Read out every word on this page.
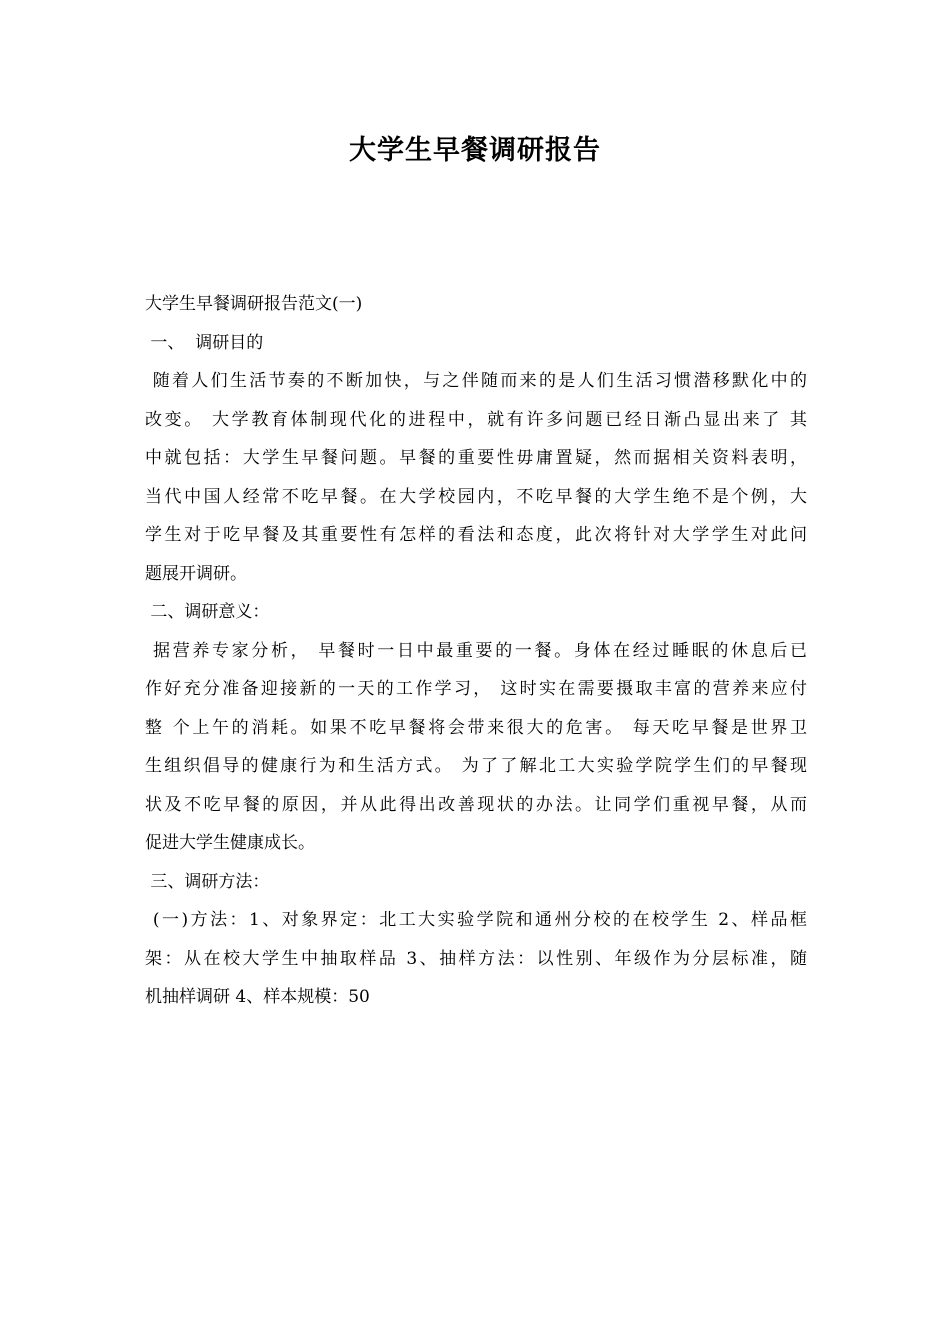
大学生早餐调研报告
大学生早餐调研报告范文(一)
一、  调研目的
随着人们生活节奏的不断加快，与之伴随而来的是人们生活习惯潜移默化中的
改变。 大学教育体制现代化的进程中，就有许多问题已经日渐凸显出来了 其
中就包括：大学生早餐问题。早餐的重要性毋庸置疑，然而据相关资料表明，
当代中国人经常不吃早餐。在大学校园内，不吃早餐的大学生绝不是个例，大
学生对于吃早餐及其重要性有怎样的看法和态度，此次将针对大学学生对此问
题展开调研。
二、调研意义：
据营养专家分析， 早餐时一日中最重要的一餐。身体在经过睡眠的休息后已
作好充分准备迎接新的一天的工作学习， 这时实在需要摄取丰富的营养来应付
整 个上午的消耗。如果不吃早餐将会带来很大的危害。 每天吃早餐是世界卫
生组织倡导的健康行为和生活方式。 为了了解北工大实验学院学生们的早餐现
状及不吃早餐的原因，并从此得出改善现状的办法。让同学们重视早餐，从而
促进大学生健康成长。
三、调研方法：
(一)方法：1、对象界定：北工大实验学院和通州分校的在校学生 2、样品框
架：从在校大学生中抽取样品 3、抽样方法：以性别、年级作为分层标准，随
机抽样调研 4、样本规模：50
